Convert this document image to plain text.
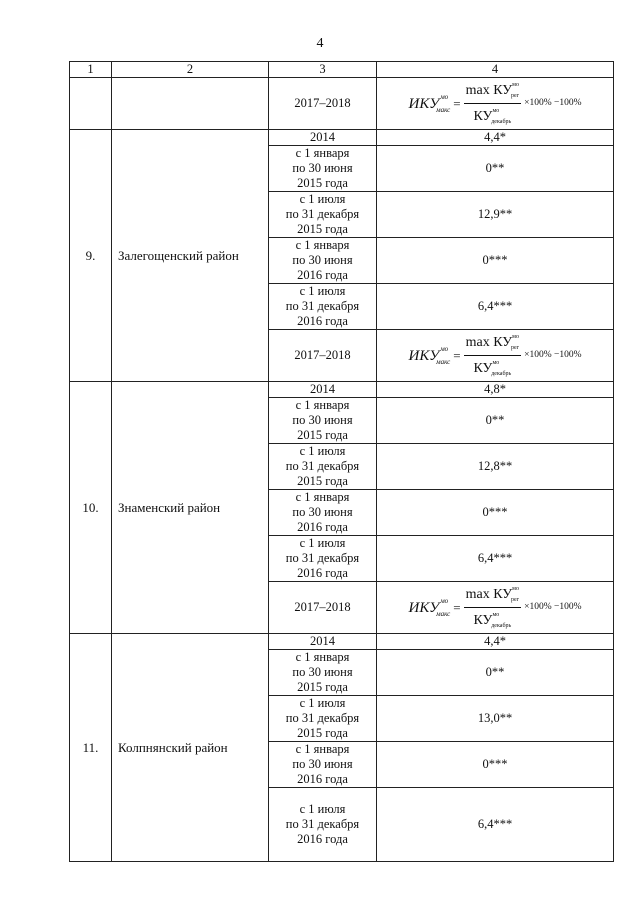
4
1	2	3	4
		2017–2018	$ИКУ^{мо}_{макс} = \frac{\max КУ^{мо}_{рег}}{КУ^{мо}_{декабрь}} \times 100\% -100\%$

9.	Залегощенский район	2014	4,4*

		с 1 января
по 30 июня
2015 года	0**

		с 1 июля
по 31 декабря
2015 года	12,9**

		с 1 января
по 30 июня
2016 года	0***

		с 1 июля
по 31 декабря
2016 года	6,4***

		2017–2018	$ИКУ^{мо}_{макс} = \frac{\max КУ^{мо}_{рег}}{КУ^{мо}_{декабрь}} \times 100\% -100\%$

10.	Знаменский район	2014	4,8*

		с 1 января
по 30 июня
2015 года	0**

		с 1 июля
по 31 декабря
2015 года	12,8**

		с 1 января
по 30 июня
2016 года	0***

		с 1 июля
по 31 декабря
2016 года	6,4***

		2017–2018	$ИКУ^{мо}_{макс} = \frac{\max КУ^{мо}_{рег}}{КУ^{мо}_{декабрь}} \times 100\% -100\%$

11.	Колпнянский район	2014	4,4*

		с 1 января
по 30 июня
2015 года	0**

		с 1 июля
по 31 декабря
2015 года	13,0**

		с 1 января
по 30 июня
2016 года	0***

		с 1 июля
по 31 декабря
2016 года	6,4***
